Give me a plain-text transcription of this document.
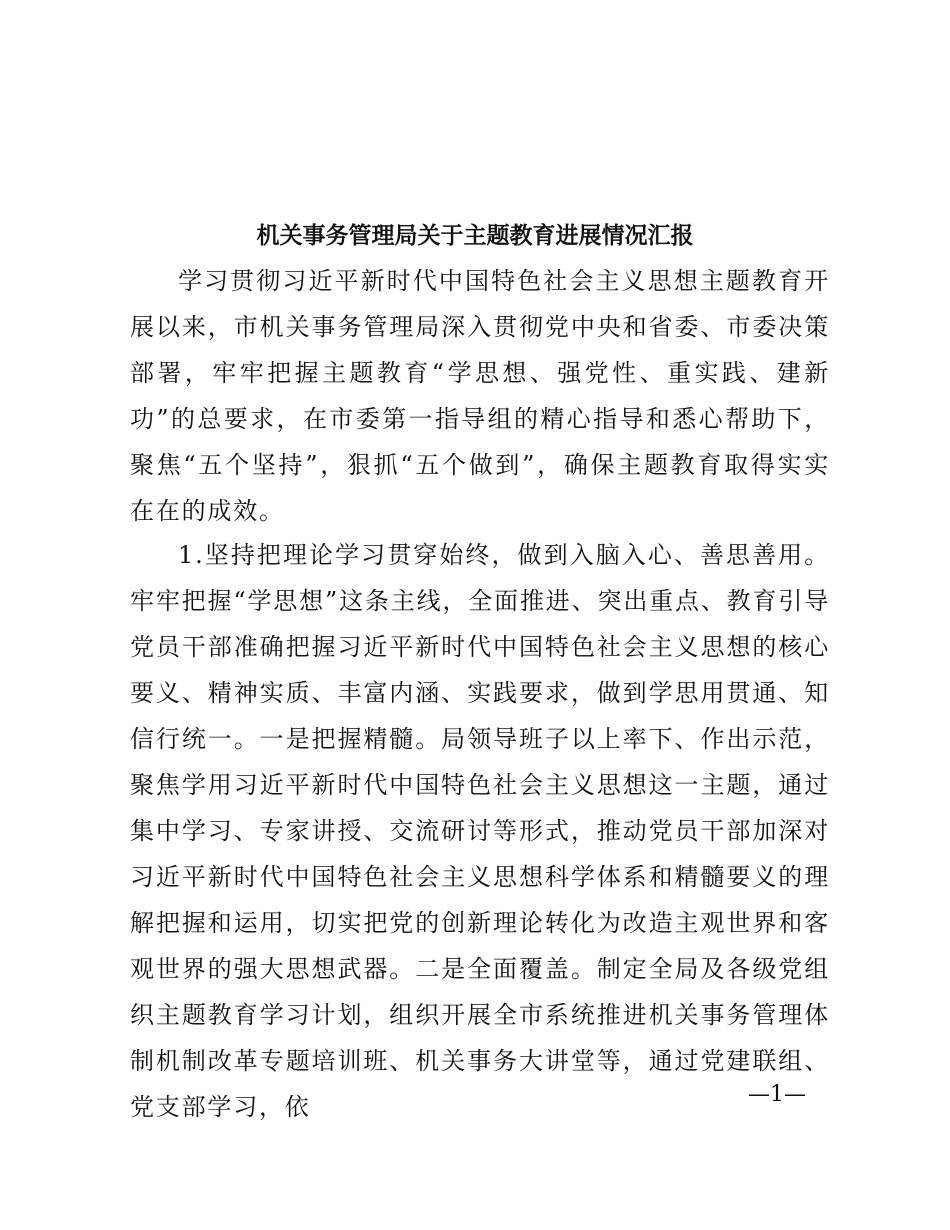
机关事务管理局关于主题教育进展情况汇报

学习贯彻习近平新时代中国特色社会主义思想主题教育开展以来，市机关事务管理局深入贯彻党中央和省委、市委决策部署，牢牢把握主题教育“学思想、强党性、重实践、建新功”的总要求，在市委第一指导组的精心指导和悉心帮助下，聚焦“五个坚持”，狠抓“五个做到”，确保主题教育取得实实在在的成效。

1.坚持把理论学习贯穿始终，做到入脑入心、善思善用。牢牢把握“学思想”这条主线，全面推进、突出重点、教育引导党员干部准确把握习近平新时代中国特色社会主义思想的核心要义、精神实质、丰富内涵、实践要求，做到学思用贯通、知信行统一。一是把握精髓。局领导班子以上率下、作出示范，聚焦学用习近平新时代中国特色社会主义思想这一主题，通过集中学习、专家讲授、交流研讨等形式，推动党员干部加深对习近平新时代中国特色社会主义思想科学体系和精髓要义的理解把握和运用，切实把党的创新理论转化为改造主观世界和客观世界的强大思想武器。二是全面覆盖。制定全局及各级党组织主题教育学习计划，组织开展全市系统推进机关事务管理体制机制改革专题培训班、机关事务大讲堂等，通过党建联组、党支部学习，依	—1—
